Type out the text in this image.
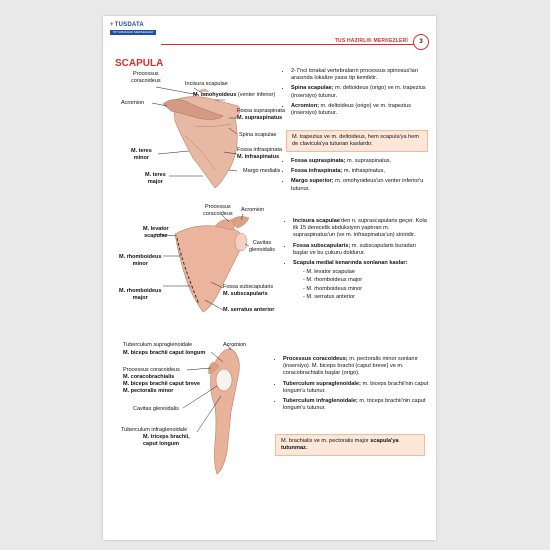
+ TUSDATA
TIP UZMANLIK MERKEZLERİ
TUS HAZIRLIK MERKEZLERİ	3
SCAPULA
Processus
coracoideus
Incisura scapulae
M. omohyoideus (venter inferior)
Acromion
Fossa supraspinata
M. supraspinatus
Spina scapulae
M. teres
minor
Fossa infraspinata
M. infraspinatus
Margo medialis
M. teres
major
• 2-7'nci torakal vertebraların processus spinosus'ları arasında lokalize yassı tip kemiktir.
• Spina scapulae; m. deltoideus (origo) ve m. trapezius (insersiyo) tutunur.
• Acromion; m. deltoideus (origo) ve m. trapezius (insersiyo) tutunur.
M. trapezius ve m. deltoideus, hem scapula'ya hem de clavicula'ya tutunan kaslardır.
• Fossa supraspinata; m. supraspinatus,
• Fossa infraspinata; m. infraspinatus,
• Margo superior; m. omohyoideus'un venter inferior'u tutunur.
Processus
coracoideus
Acromion
M. levator
scapulae
Cavitas
glenoidalis
M. rhomboideus
minor
M. rhomboideus
major
Fossa subscapularis
M. subscapularis
M. serratus anterior
• Incisura scapulae'den n. suprascapularis geçer. Kola ilk 15 derecelik abduksiyon yaptıran m. supraspinatus'un (ve m. infraspinatus'un) siniridir.
• Fossa subscapularis; m. subscapularis buradan başlar ve bu çukuru doldurur.
• Scapula medial kenarında sonlanan kaslar:
- M. levator scapulae
- M. rhomboideus major
- M. rhomboideus minor
- M. serratus anterior
Tuberculum supraglenoidale
M. biceps brachii caput longum
Acromion
Processus coracoideus
M. coracobrachialis
M. biceps brachii caput breve
M. pectoralis minor
Cavitas glenoidalis
Tuberculum infraglenoidale
M. triceps brachii,
caput longum
• Processus coracoideus; m. pectoralis minor sonlanır (insersiyo). M. biceps brachii (caput breve) ve m. coracobrachialis başlar (origo).
• Tuberculum supraglenoidale; m. biceps brachii'nin caput longum'u tutunur.
• Tuberculum infraglenoidale; m. triceps brachii'nin caput longum'u tutunur.
M. brachialis ve m. pectoralis major scapula'ya tutunmaz.
